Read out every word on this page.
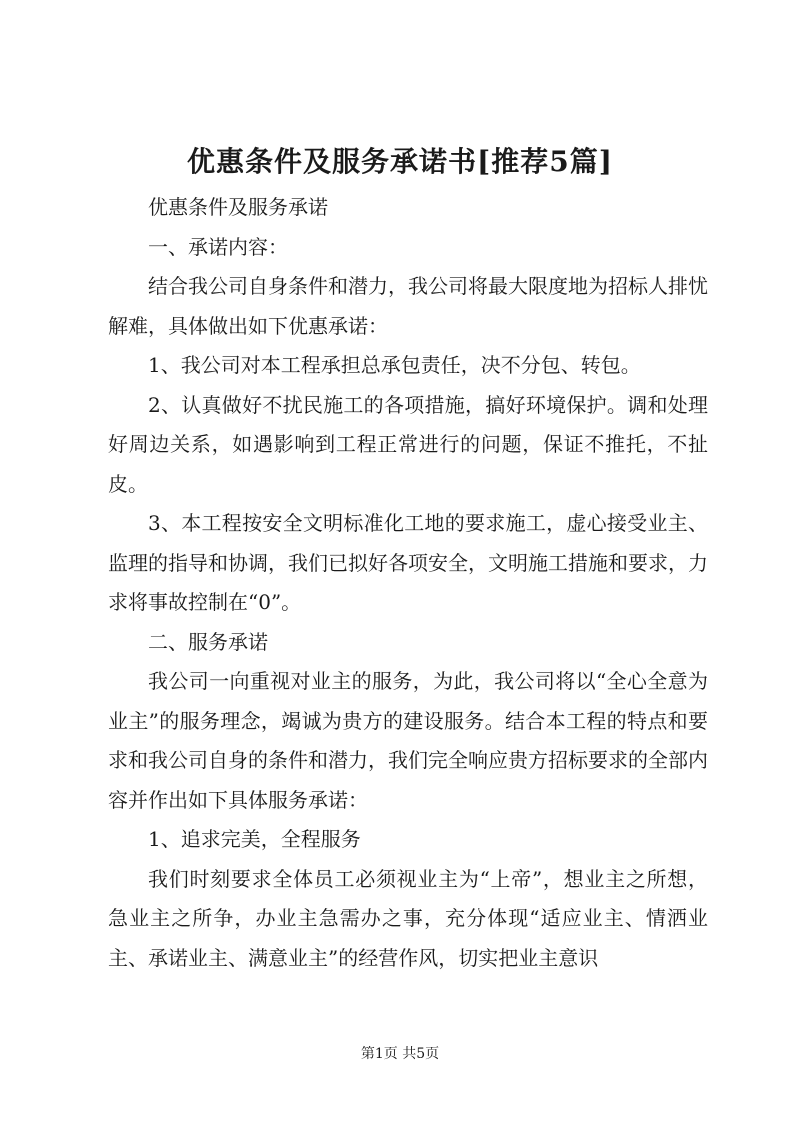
优惠条件及服务承诺书[推荐5篇]

优惠条件及服务承诺

一、承诺内容：

结合我公司自身条件和潜力，我公司将最大限度地为招标人排忧解难，具体做出如下优惠承诺：

1、我公司对本工程承担总承包责任，决不分包、转包。

2、认真做好不扰民施工的各项措施，搞好环境保护。调和处理好周边关系，如遇影响到工程正常进行的问题，保证不推托，不扯皮。

3、本工程按安全文明标准化工地的要求施工，虚心接受业主、监理的指导和协调，我们已拟好各项安全，文明施工措施和要求，力求将事故控制在“0”。

二、服务承诺

我公司一向重视对业主的服务，为此，我公司将以“全心全意为业主”的服务理念，竭诚为贵方的建设服务。结合本工程的特点和要求和我公司自身的条件和潜力，我们完全响应贵方招标要求的全部内容并作出如下具体服务承诺：

1、追求完美，全程服务

我们时刻要求全体员工必须视业主为“上帝”，想业主之所想，急业主之所争，办业主急需办之事，充分体现“适应业主、情洒业主、承诺业主、满意业主”的经营作风，切实把业主意识

第1页 共5页
